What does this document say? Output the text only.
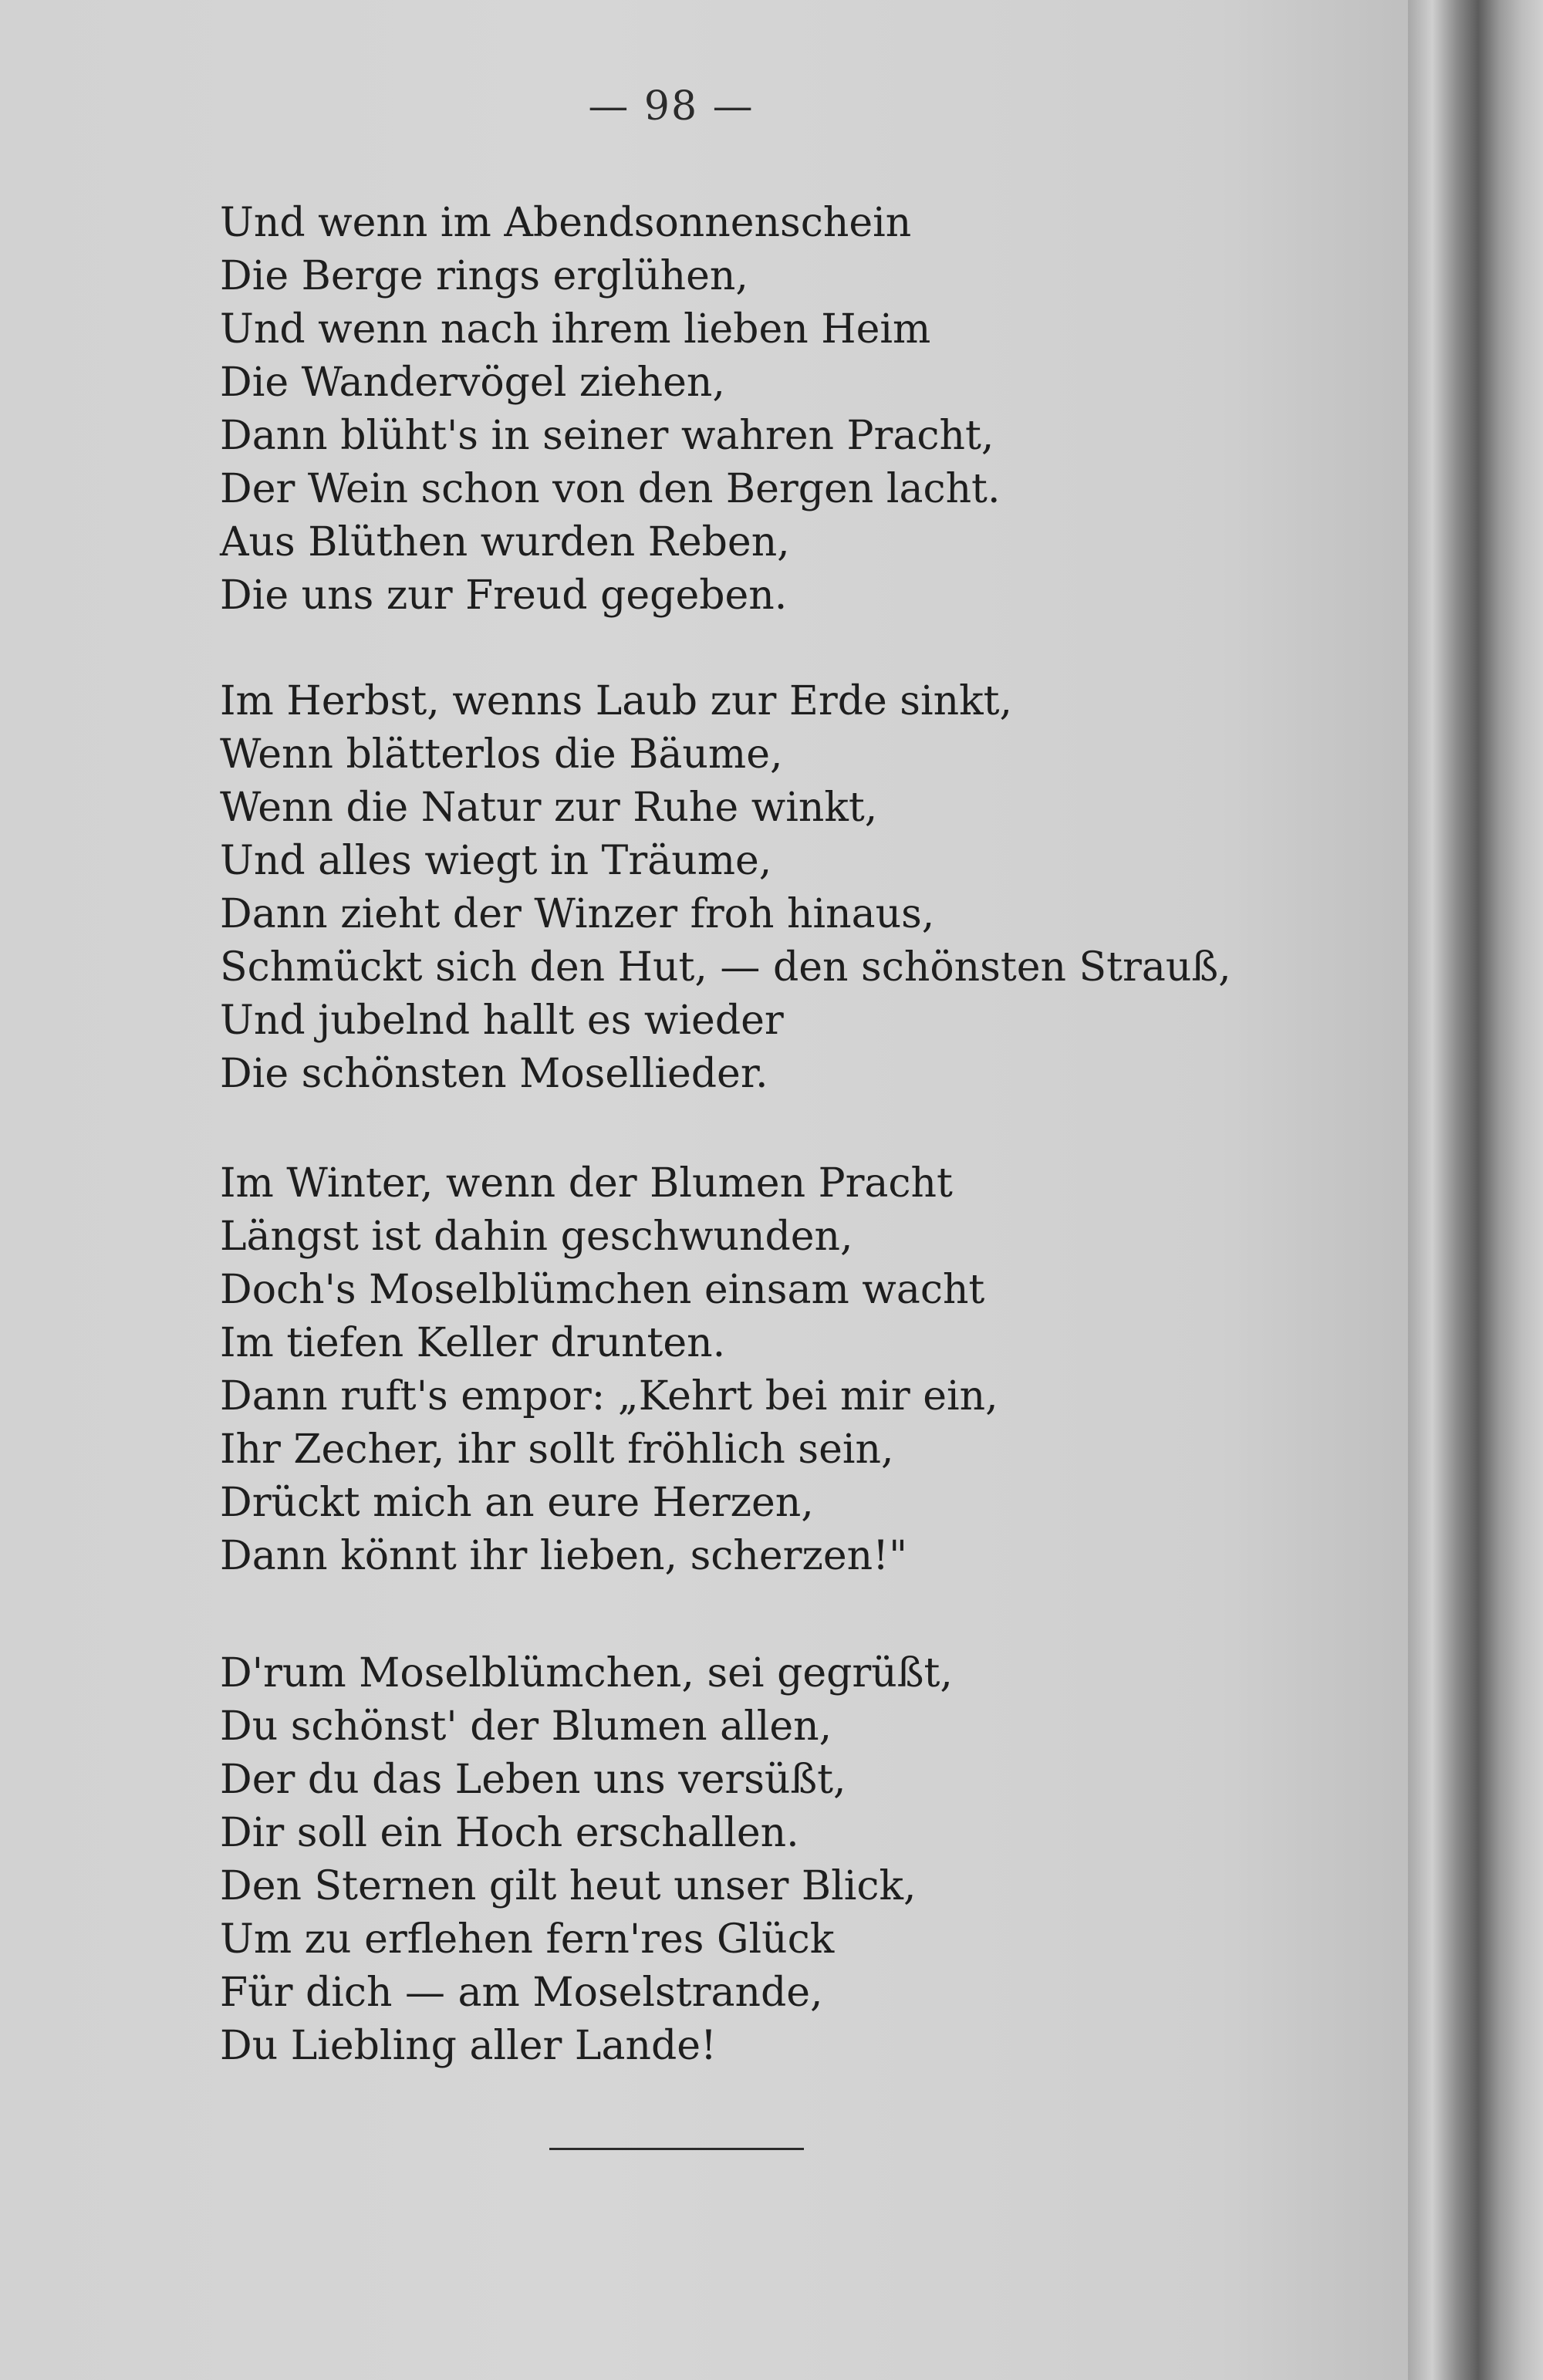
— 98 —
Und wenn im Abendsonnenschein
Die Berge rings erglühen,
Und wenn nach ihrem lieben Heim
Die Wandervögel ziehen,
Dann blüht's in seiner wahren Pracht,
Der Wein schon von den Bergen lacht.
Aus Blüthen wurden Reben,
Die uns zur Freud gegeben.
Im Herbst, wenns Laub zur Erde sinkt,
Wenn blätterlos die Bäume,
Wenn die Natur zur Ruhe winkt,
Und alles wiegt in Träume,
Dann zieht der Winzer froh hinaus,
Schmückt sich den Hut, — den schönsten Strauß,
Und jubelnd hallt es wieder
Die schönsten Mosellieder.
Im Winter, wenn der Blumen Pracht
Längst ist dahin geschwunden,
Doch's Moselblümchen einsam wacht
Im tiefen Keller drunten.
Dann ruft's empor: „Kehrt bei mir ein,
Ihr Zecher, ihr sollt fröhlich sein,
Drückt mich an eure Herzen,
Dann könnt ihr lieben, scherzen!"
D'rum Moselblümchen, sei gegrüßt,
Du schönst' der Blumen allen,
Der du das Leben uns versüßt,
Dir soll ein Hoch erschallen.
Den Sternen gilt heut unser Blick,
Um zu erflehen fern'res Glück
Für dich — am Moselstrande,
Du Liebling aller Lande!
